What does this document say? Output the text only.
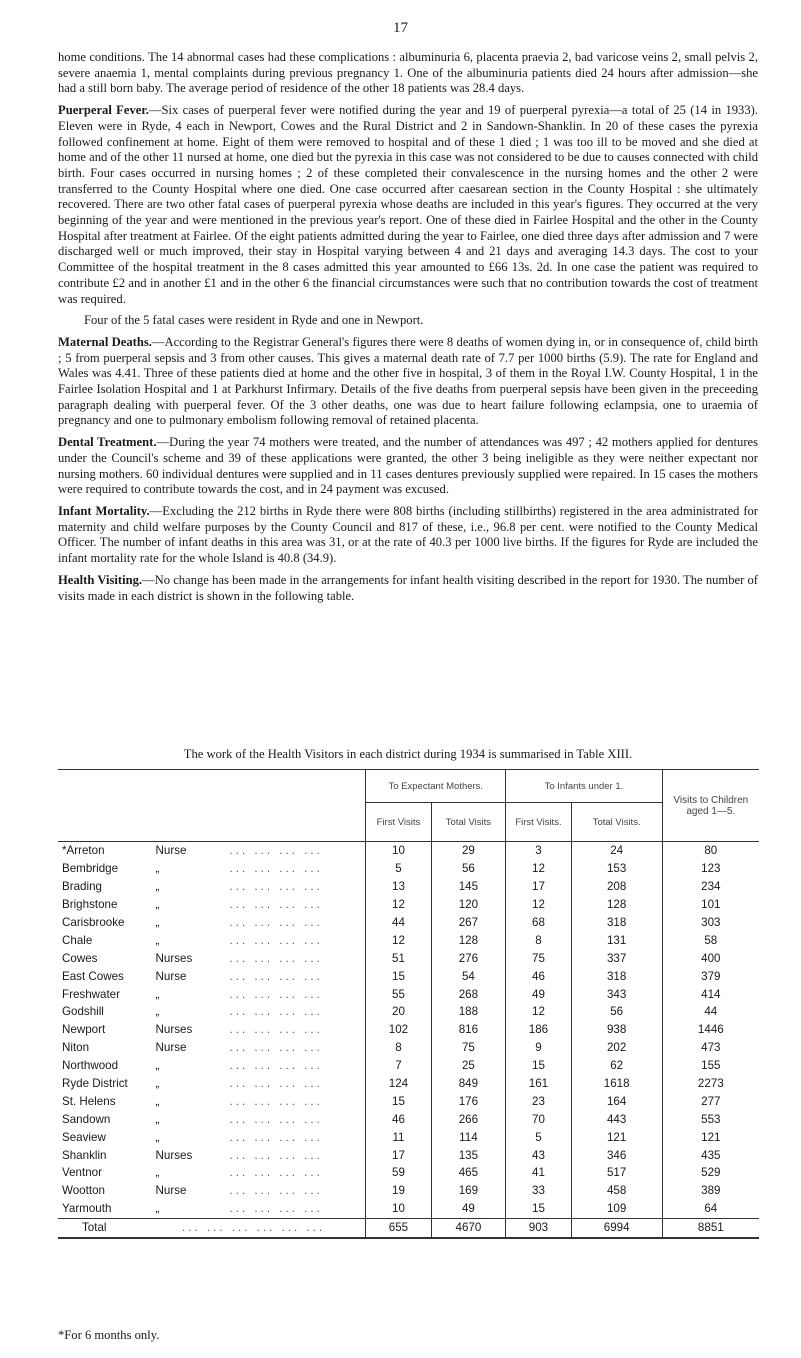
17

home conditions. The 14 abnormal cases had these complications : albuminuria 6, placenta praevia 2, bad varicose veins 2, small pelvis 2, severe anaemia 1, mental complaints during previous pregnancy 1. One of the albuminuria patients died 24 hours after admission—she had a still born baby. The average period of residence of the other 18 patients was 28.4 days.

Puerperal Fever.—Six cases of puerperal fever were notified during the year and 19 of puerperal pyrexia—a total of 25 (14 in 1933). Eleven were in Ryde, 4 each in Newport, Cowes and the Rural District and 2 in Sandown-Shanklin. In 20 of these cases the pyrexia followed confinement at home. Eight of them were removed to hospital and of these 1 died ; 1 was too ill to be moved and she died at home and of the other 11 nursed at home, one died but the pyrexia in this case was not considered to be due to causes connected with child birth. Four cases occurred in nursing homes ; 2 of these completed their convalescence in the nursing homes and the other 2 were transferred to the County Hospital where one died. One case occurred after caesarean section in the County Hospital : she ultimately recovered. There are two other fatal cases of puerperal pyrexia whose deaths are included in this year's figures. They occurred at the very beginning of the year and were mentioned in the previous year's report. One of these died in Fairlee Hospital and the other in the County Hospital after treatment at Fairlee. Of the eight patients admitted during the year to Fairlee, one died three days after admission and 7 were discharged well or much improved, their stay in Hospital varying between 4 and 21 days and averaging 14.3 days. The cost to your Committee of the hospital treatment in the 8 cases admitted this year amounted to £66 13s. 2d. In one case the patient was required to contribute £2 and in another £1 and in the other 6 the financial circumstances were such that no contribution towards the cost of treatment was required.

Four of the 5 fatal cases were resident in Ryde and one in Newport.

Maternal Deaths.—According to the Registrar General's figures there were 8 deaths of women dying in, or in consequence of, child birth ; 5 from puerperal sepsis and 3 from other causes. This gives a maternal death rate of 7.7 per 1000 births (5.9). The rate for England and Wales was 4.41. Three of these patients died at home and the other five in hospital, 3 of them in the Royal I.W. County Hospital, 1 in the Fairlee Isolation Hospital and 1 at Parkhurst Infirmary. Details of the five deaths from puerperal sepsis have been given in the preceeding paragraph dealing with puerperal fever. Of the 3 other deaths, one was due to heart failure following eclampsia, one to uraemia of pregnancy and one to pulmonary embolism following removal of retained placenta.

Dental Treatment.—During the year 74 mothers were treated, and the number of attendances was 497 ; 42 mothers applied for dentures under the Council's scheme and 39 of these applications were granted, the other 3 being ineligible as they were neither expectant nor nursing mothers. 60 individual dentures were supplied and in 11 cases dentures previously supplied were repaired. In 15 cases the mothers were required to contribute towards the cost, and in 24 payment was excused.

Infant Mortality.—Excluding the 212 births in Ryde there were 808 births (including stillbirths) registered in the area administrated for maternity and child welfare purposes by the County Council and 817 of these, i.e., 96.8 per cent. were notified to the County Medical Officer. The number of infant deaths in this area was 31, or at the rate of 40.3 per 1000 live births. If the figures for Ryde are included the infant mortality rate for the whole Island is 40.8 (34.9).

Health Visiting.—No change has been made in the arrangements for infant health visiting described in the report for 1930. The number of visits made in each district is shown in the following table.

The work of the Health Visitors in each district during 1934 is summarised in Table XIII.
		To Expectant Mothers.		To Infants under 1.		Visits to Children aged 1—5.
		First Visits	Total Visits	First Visits.	Total Visits.	
*Arreton	Nurse ... ... ... ...	10	29	3	24	80
Bembridge	„ ... ... ... ...	5	56	12	153	123
Brading	„ ... ... ... ...	13	145	17	208	234
Brighstone	„ ... ... ... ...	12	120	12	128	101
Carisbrooke	„ ... ... ... ...	44	267	68	318	303
Chale	„ ... ... ... ...	12	128	8	131	58
Cowes	Nurses ... ... ... ...	51	276	75	337	400
East Cowes	Nurse ... ... ... ...	15	54	46	318	379
Freshwater	„ ... ... ... ...	55	268	49	343	414
Godshill	„ ... ... ... ...	20	188	12	56	44
Newport	Nurses ... ... ... ...	102	816	186	938	1446
Niton	Nurse ... ... ... ...	8	75	9	202	473
Northwood	„ ... ... ... ...	7	25	15	62	155
Ryde District	„ ... ... ... ...	124	849	161	1618	2273
St. Helens	„ ... ... ... ...	15	176	23	164	277
Sandown	„ ... ... ... ...	46	266	70	443	553
Seaview	„ ... ... ... ...	11	114	5	121	121
Shanklin	Nurses ... ... ... ...	17	135	43	346	435
Ventnor	„ ... ... ... ...	59	465	41	517	529
Wootton	Nurse ... ... ... ...	19	169	33	458	389
Yarmouth	„ ... ... ... ...	10	49	15	109	64
Total ... ... ... ... ... ...		655	4670	903	6994	8851
*For 6 months only.
